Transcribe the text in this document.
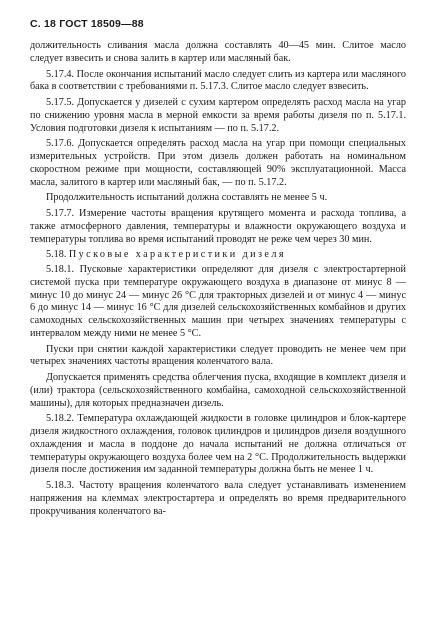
С. 18 ГОСТ 18509—88

должительность сливания масла должна составлять 40—45 мин. Слитое масло следует взвесить и снова залить в картер или масляный бак.

5.17.4. После окончания испытаний масло следует слить из картера или масляного бака в соответствии с требованиями п. 5.17.3. Слитое масло следует взвесить.

5.17.5. Допускается у дизелей с сухим картером определять расход масла на угар по снижению уровня масла в мерной емкости за время работы дизеля по п. 5.17.1. Условия подготовки дизеля к испытаниям — по п. 5.17.2.

5.17.6. Допускается определять расход масла на угар при помощи специальных измерительных устройств. При этом дизель должен работать на номинальном скоростном режиме при мощности, составляющей 90% эксплуатационной. Масса масла, залитого в картер или масляный бак, — по п. 5.17.2.

Продолжительность испытаний должна составлять не менее 5 ч.

5.17.7. Измерение частоты вращения крутящего момента и расхода топлива, а также атмосферного давления, температуры и влажности окружающего воздуха и температуры топлива во время испытаний проводят не реже чем через 30 мин.

5.18. Пусковые характеристики дизеля

5.18.1. Пусковые характеристики определяют для дизеля с электростартерной системой пуска при температуре окружающего воздуха в диапазоне от минус 8 — минус 10 до минус 24 — минус 26 °C для тракторных дизелей и от минус 4 — минус 6 до минус 14 — минус 16 °C для дизелей сельскохозяйственных комбайнов и других самоходных сельскохозяйственных машин при четырех значениях температуры с интервалом между ними не менее 5 °C.

Пуски при снятии каждой характеристики следует проводить не менее чем при четырех значениях частоты вращения коленчатого вала.

Допускается применять средства облегчения пуска, входящие в комплект дизеля и (или) трактора (сельскохозяйственного комбайна, самоходной сельскохозяйственной машины), для которых предназначен дизель.

5.18.2. Температура охлаждающей жидкости в головке цилиндров и блок-картере дизеля жидкостного охлаждения, головок цилиндров и цилиндров дизеля воздушного охлаждения и масла в поддоне до начала испытаний не должна отличаться от температуры окружающего воздуха более чем на 2 °C. Продолжительность выдержки дизеля после достижения им заданной температуры должна быть не менее 1 ч.

5.18.3. Частоту вращения коленчатого вала следует устанавливать изменением напряжения на клеммах электростартера и определять во время предварительного прокручивания коленчатого ва-
